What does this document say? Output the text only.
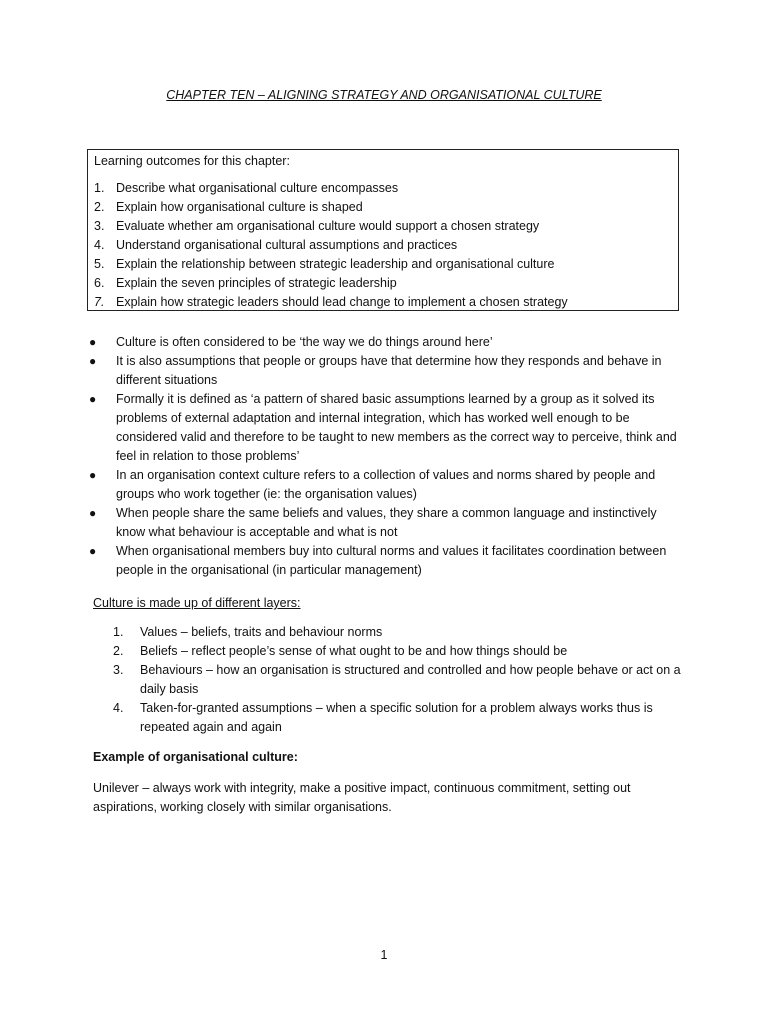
CHAPTER TEN – ALIGNING STRATEGY AND ORGANISATIONAL CULTURE

Learning outcomes for this chapter:

1. Describe what organisational culture encompasses
2. Explain how organisational culture is shaped
3. Evaluate whether am organisational culture would support a chosen strategy
4. Understand organisational cultural assumptions and practices
5. Explain the relationship between strategic leadership and organisational culture
6. Explain the seven principles of strategic leadership
7. Explain how strategic leaders should lead change to implement a chosen strategy
● Culture is often considered to be ‘the way we do things around here’
● It is also assumptions that people or groups have that determine how they responds and behave in different situations
● Formally it is defined as ‘a pattern of shared basic assumptions learned by a group as it solved its problems of external adaptation and internal integration, which has worked well enough to be considered valid and therefore to be taught to new members as the correct way to perceive, think and feel in relation to those problems’
● In an organisation context culture refers to a collection of values and norms shared by people and groups who work together (ie: the organisation values)
● When people share the same beliefs and values, they share a common language and instinctively know what behaviour is acceptable and what is not
● When organisational members buy into cultural norms and values it facilitates coordination between people in the organisational (in particular management)
Culture is made up of different layers:
1. Values – beliefs, traits and behaviour norms
2. Beliefs – reflect people’s sense of what ought to be and how things should be
3. Behaviours – how an organisation is structured and controlled and how people behave or act on a daily basis
4. Taken-for-granted assumptions – when a specific solution for a problem always works thus is repeated again and again
Example of organisational culture:
Unilever – always work with integrity, make a positive impact, continuous commitment, setting out aspirations, working closely with similar organisations.
1
